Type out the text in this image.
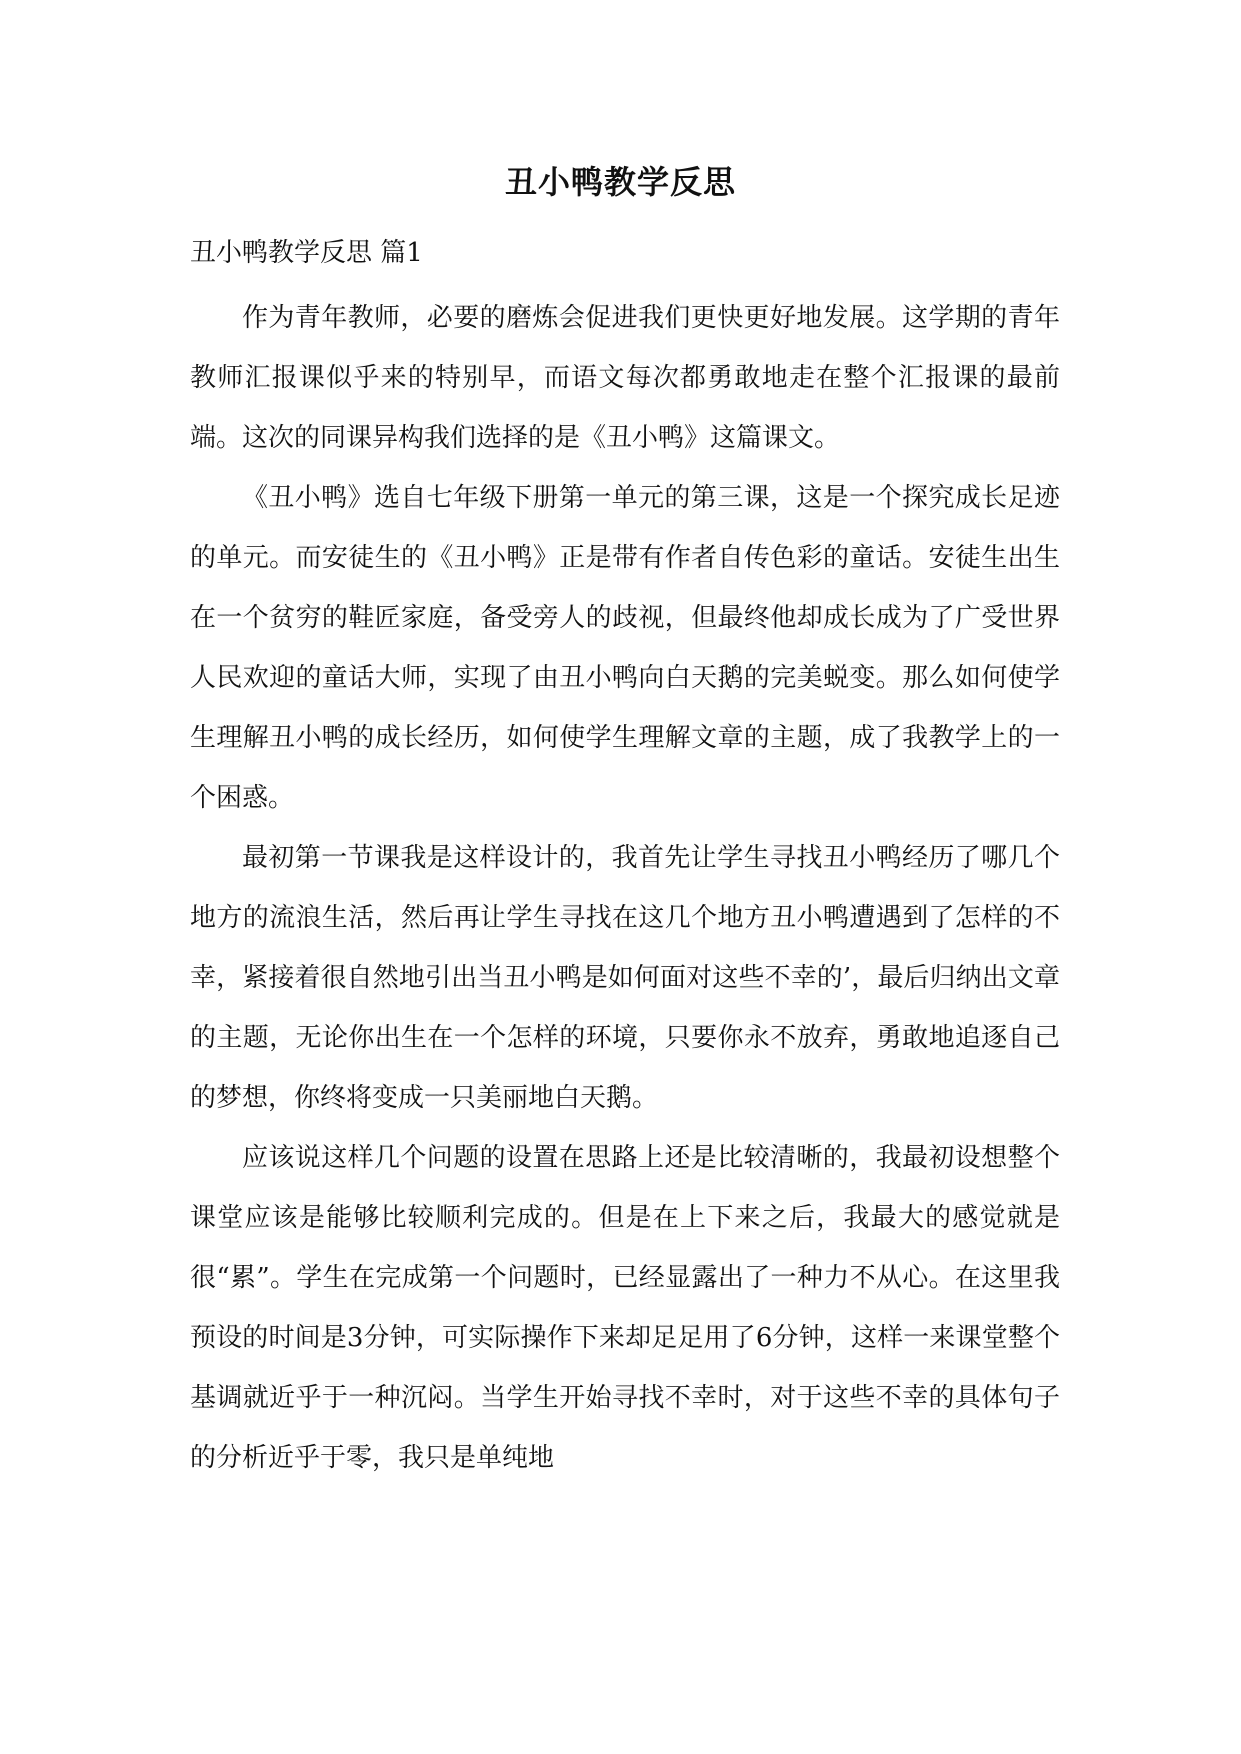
丑小鸭教学反思
丑小鸭教学反思 篇1

作为青年教师，必要的磨炼会促进我们更快更好地发展。这学期的青年教师汇报课似乎来的特别早，而语文每次都勇敢地走在整个汇报课的最前端。这次的同课异构我们选择的是《丑小鸭》这篇课文。

《丑小鸭》选自七年级下册第一单元的第三课，这是一个探究成长足迹的单元。而安徒生的《丑小鸭》正是带有作者自传色彩的童话。安徒生出生在一个贫穷的鞋匠家庭，备受旁人的歧视，但最终他却成长成为了广受世界人民欢迎的童话大师，实现了由丑小鸭向白天鹅的完美蜕变。那么如何使学生理解丑小鸭的成长经历，如何使学生理解文章的主题，成了我教学上的一个困惑。

最初第一节课我是这样设计的，我首先让学生寻找丑小鸭经历了哪几个地方的流浪生活，然后再让学生寻找在这几个地方丑小鸭遭遇到了怎样的不幸，紧接着很自然地引出当丑小鸭是如何面对这些不幸的’，最后归纳出文章的主题，无论你出生在一个怎样的环境，只要你永不放弃，勇敢地追逐自己的梦想，你终将变成一只美丽地白天鹅。

应该说这样几个问题的设置在思路上还是比较清晰的，我最初设想整个课堂应该是能够比较顺利完成的。但是在上下来之后，我最大的感觉就是很“累”。学生在完成第一个问题时，已经显露出了一种力不从心。在这里我预设的时间是3分钟，可实际操作下来却足足用了6分钟，这样一来课堂整个基调就近乎于一种沉闷。当学生开始寻找不幸时，对于这些不幸的具体句子的分析近乎于零，我只是单纯地
